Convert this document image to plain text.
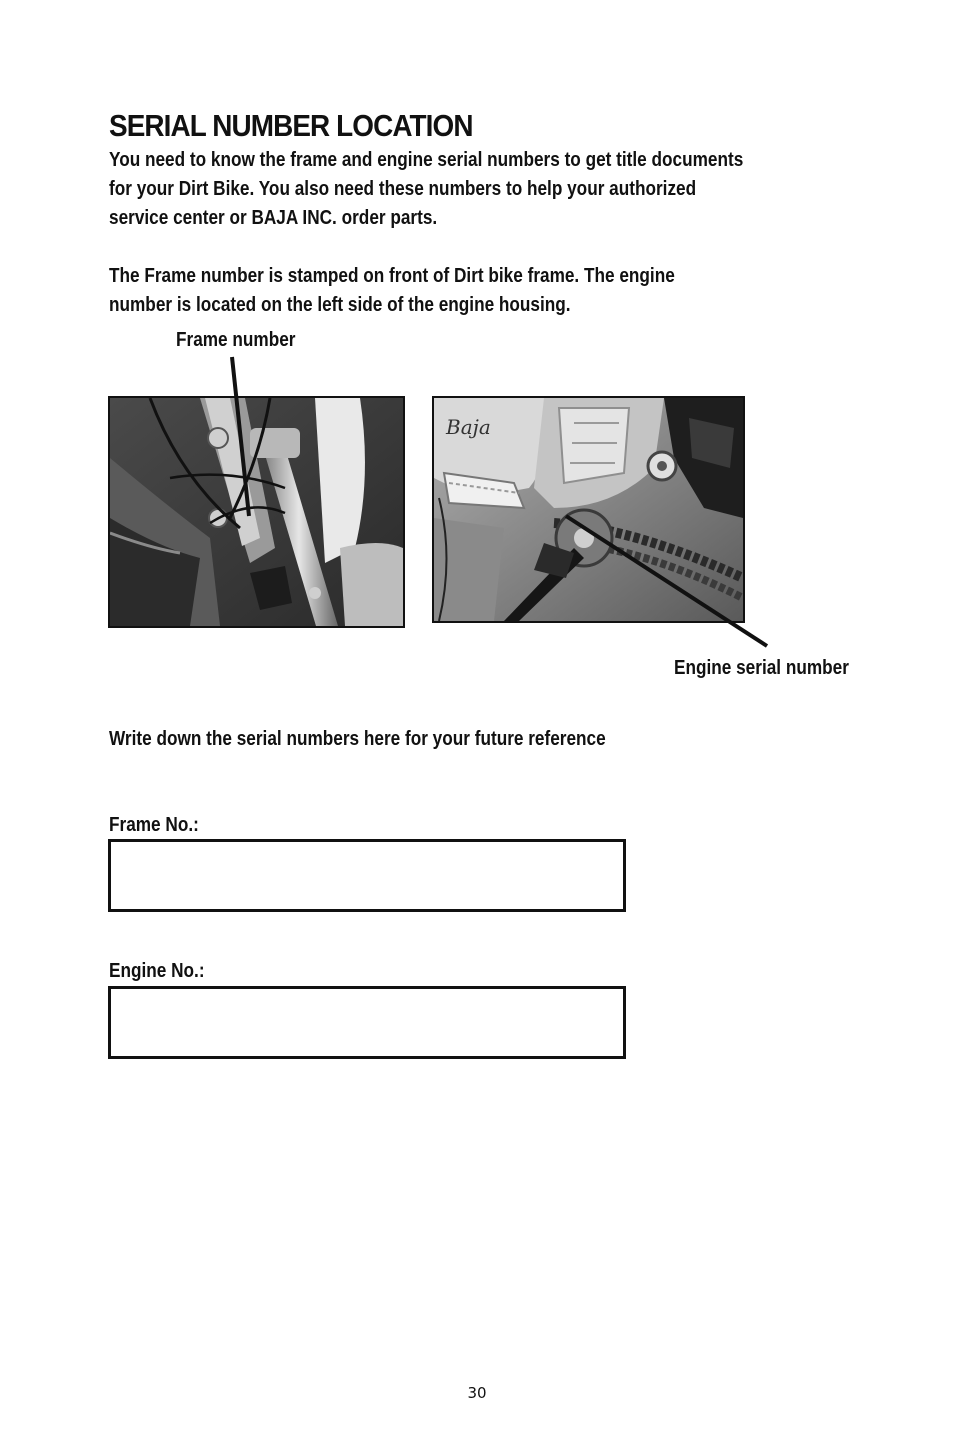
SERIAL NUMBER LOCATION

You need to know the frame and engine serial numbers to get title documents

for your Dirt Bike. You also need these numbers to help your authorized

service center or BAJA INC. order parts.

The Frame number is stamped on front of Dirt bike frame. The engine

number is located on the left side of the engine housing.

Frame number

Baja

Engine serial number

Write down the serial numbers here for your future reference

Frame No.:

Engine No.:

30
